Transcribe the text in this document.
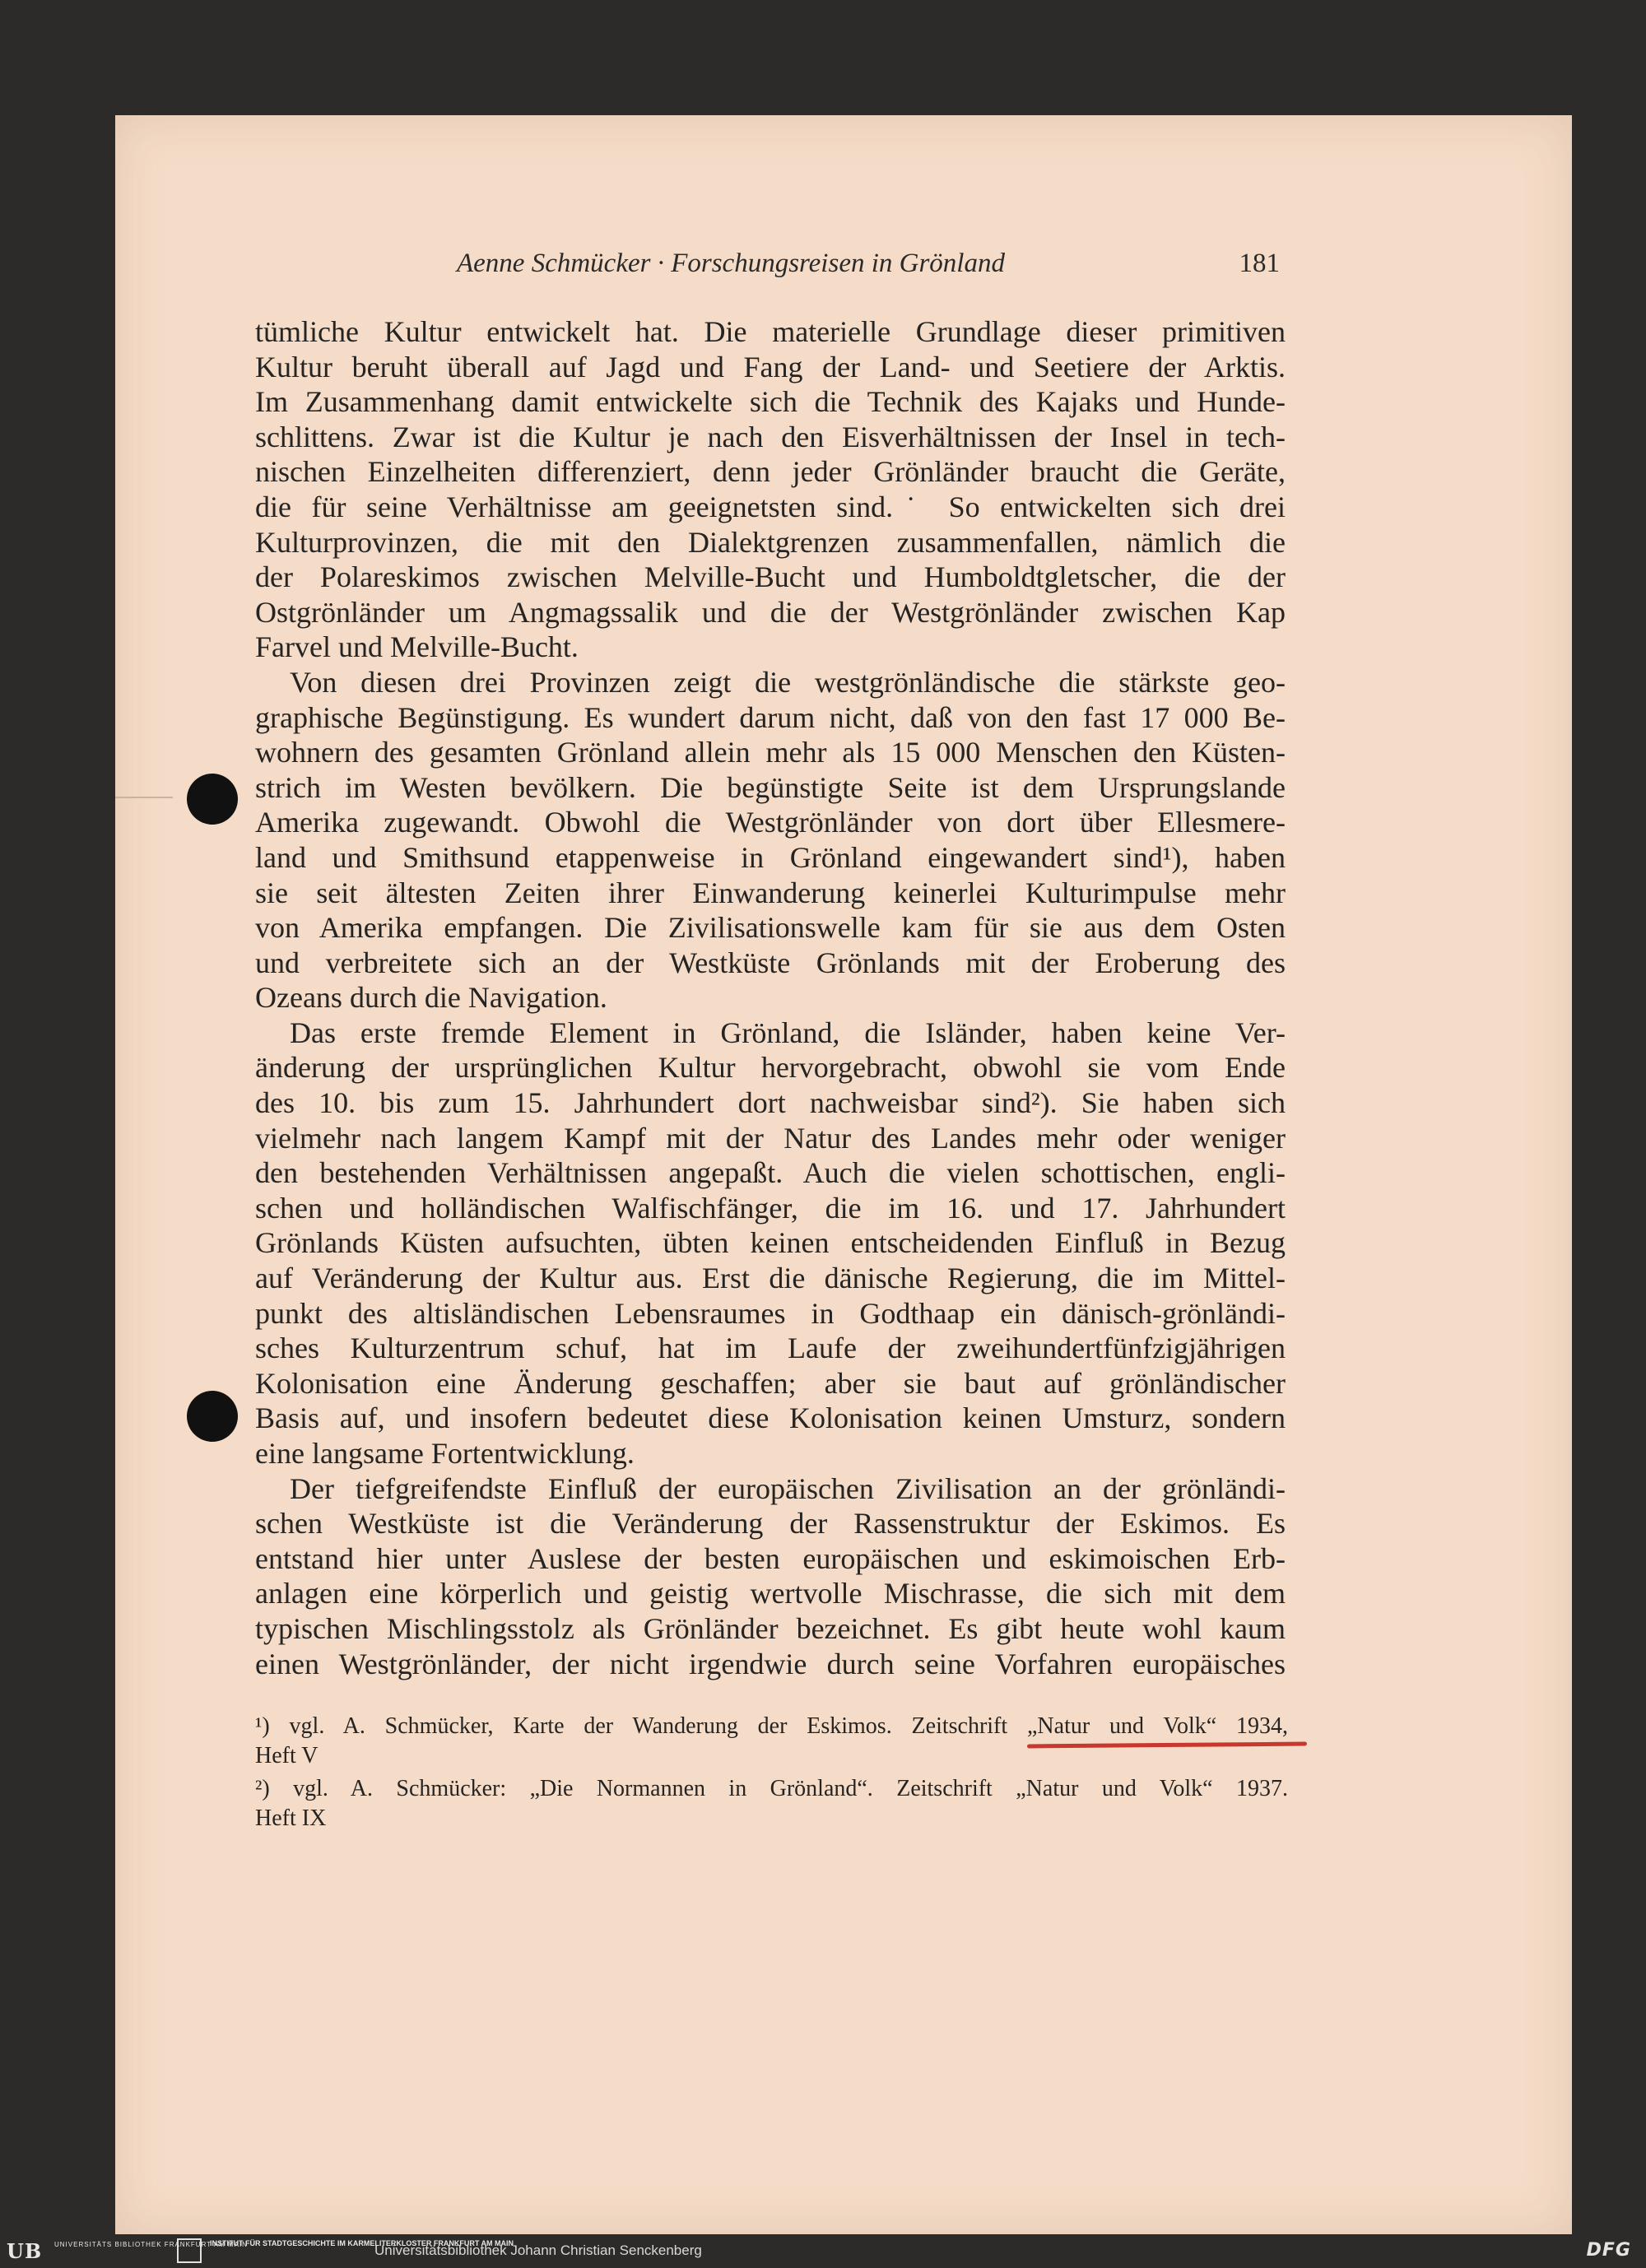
Aenne Schmücker · Forschungsreisen in Grönland	181
tümliche Kultur entwickelt hat. Die materielle Grundlage dieser primitiven
Kultur beruht überall auf Jagd und Fang der Land- und Seetiere der Arktis.
Im Zusammenhang damit entwickelte sich die Technik des Kajaks und Hunde-
schlittens. Zwar ist die Kultur je nach den Eisverhältnissen der Insel in tech-
nischen Einzelheiten differenziert, denn jeder Grönländer braucht die Geräte,
die für seine Verhältnisse am geeignetsten sind.˙ So entwickelten sich drei
Kulturprovinzen, die mit den Dialektgrenzen zusammenfallen, nämlich die
der Polareskimos zwischen Melville-Bucht und Humboldtgletscher, die der
Ostgrönländer um Angmagssalik und die der Westgrönländer zwischen Kap
Farvel und Melville-Bucht.
Von diesen drei Provinzen zeigt die westgrönländische die stärkste geo-
graphische Begünstigung. Es wundert darum nicht, daß von den fast 17 000 Be-
wohnern des gesamten Grönland allein mehr als 15 000 Menschen den Küsten-
strich im Westen bevölkern. Die begünstigte Seite ist dem Ursprungslande
Amerika zugewandt. Obwohl die Westgrönländer von dort über Ellesmere-
land und Smithsund etappenweise in Grönland eingewandert sind¹), haben
sie seit ältesten Zeiten ihrer Einwanderung keinerlei Kulturimpulse mehr
von Amerika empfangen. Die Zivilisationswelle kam für sie aus dem Osten
und verbreitete sich an der Westküste Grönlands mit der Eroberung des
Ozeans durch die Navigation.
Das erste fremde Element in Grönland, die Isländer, haben keine Ver-
änderung der ursprünglichen Kultur hervorgebracht, obwohl sie vom Ende
des 10. bis zum 15. Jahrhundert dort nachweisbar sind²). Sie haben sich
vielmehr nach langem Kampf mit der Natur des Landes mehr oder weniger
den bestehenden Verhältnissen angepaßt. Auch die vielen schottischen, engli-
schen und holländischen Walfischfänger, die im 16. und 17. Jahrhundert
Grönlands Küsten aufsuchten, übten keinen entscheidenden Einfluß in Bezug
auf Veränderung der Kultur aus. Erst die dänische Regierung, die im Mittel-
punkt des altisländischen Lebensraumes in Godthaap ein dänisch-grönländi-
sches Kulturzentrum schuf, hat im Laufe der zweihundertfünfzigjährigen
Kolonisation eine Änderung geschaffen; aber sie baut auf grönländischer
Basis auf, und insofern bedeutet diese Kolonisation keinen Umsturz, sondern
eine langsame Fortentwicklung.
Der tiefgreifendste Einfluß der europäischen Zivilisation an der grönländi-
schen Westküste ist die Veränderung der Rassenstruktur der Eskimos. Es
entstand hier unter Auslese der besten europäischen und eskimoischen Erb-
anlagen eine körperlich und geistig wertvolle Mischrasse, die sich mit dem
typischen Mischlingsstolz als Grönländer bezeichnet. Es gibt heute wohl kaum
einen Westgrönländer, der nicht irgendwie durch seine Vorfahren europäisches
¹) vgl. A. Schmücker, Karte der Wanderung der Eskimos. Zeitschrift „Natur und Volk“ 1934,
Heft V
²) vgl. A. Schmücker: „Die Normannen in Grönland“. Zeitschrift „Natur und Volk“ 1937.
Heft IX
UB UNIVERSITÄTS BIBLIOTHEK FRANKFURT AM MAIN
INSTITUT FÜR STADTGESCHICHTE IM KARMELITERKLOSTER FRANKFURT AM MAIN
Universitätsbibliothek Johann Christian Senckenberg	DFG
